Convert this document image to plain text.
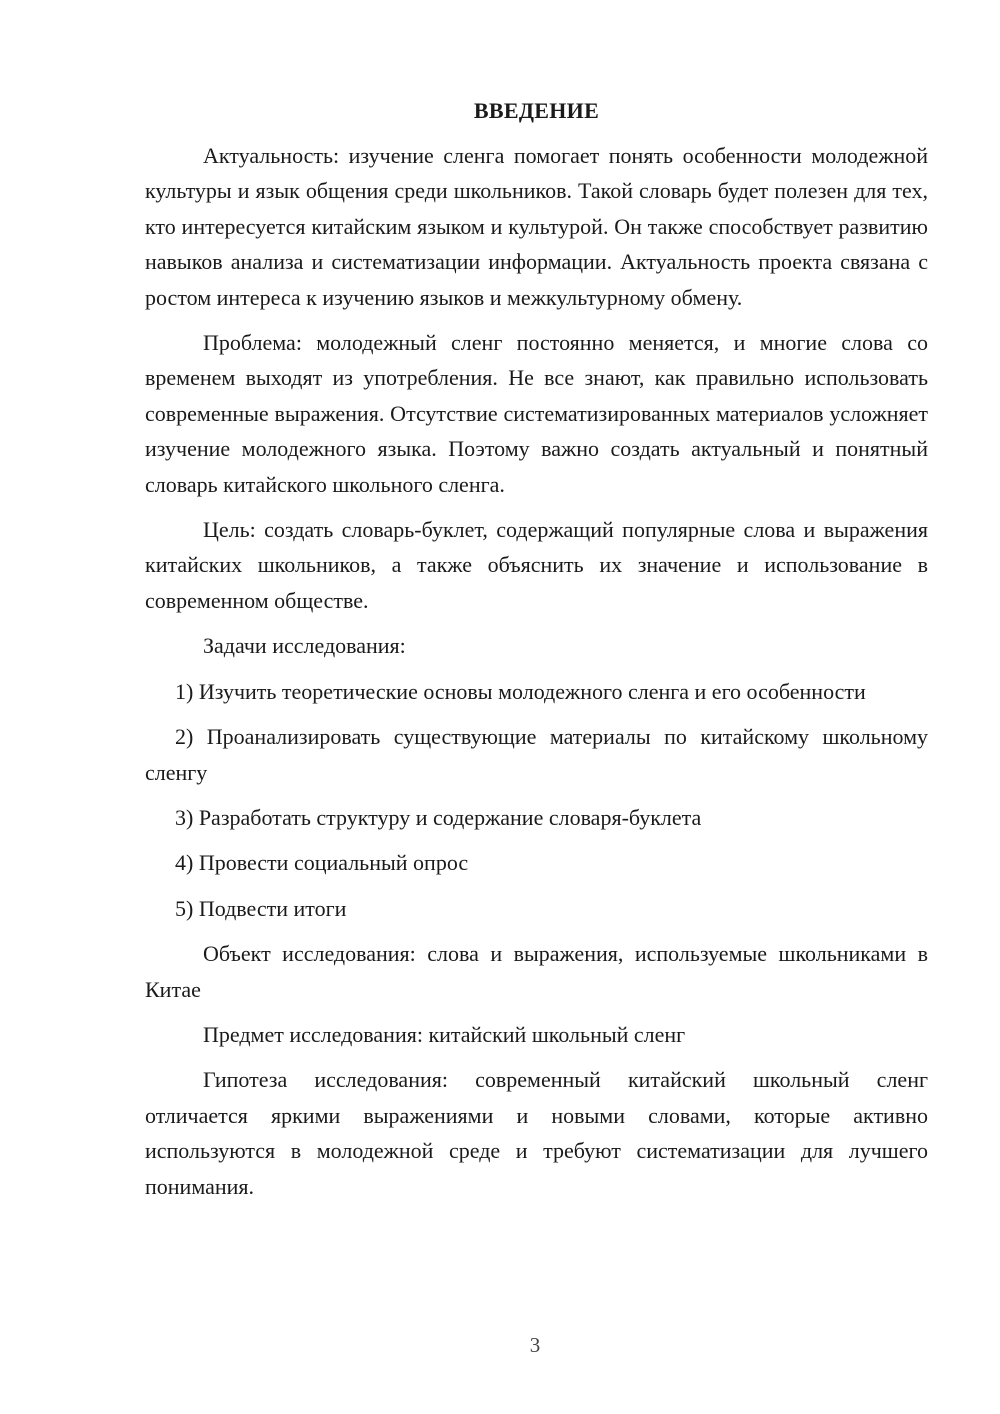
ВВЕДЕНИЕ

Актуальность: изучение сленга помогает понять особенности молодежной культуры и язык общения среди школьников. Такой словарь будет полезен для тех, кто интересуется китайским языком и культурой. Он также способствует развитию навыков анализа и систематизации информации. Актуальность проекта связана с ростом интереса к изучению языков и межкультурному обмену.

Проблема: молодежный сленг постоянно меняется, и многие слова со временем выходят из употребления. Не все знают, как правильно использовать современные выражения. Отсутствие систематизированных материалов усложняет изучение молодежного языка. Поэтому важно создать актуальный и понятный словарь китайского школьного сленга.

Цель: создать словарь-буклет, содержащий популярные слова и выражения китайских школьников, а также объяснить их значение и использование в современном обществе.

Задачи исследования:

1) Изучить теоретические основы молодежного сленга и его особенности

2) Проанализировать существующие материалы по китайскому школьному сленгу

3) Разработать структуру и содержание словаря-буклета

4) Провести социальный опрос

5) Подвести итоги

Объект исследования: слова и выражения, используемые школьниками в Китае

Предмет исследования: китайский школьный сленг

Гипотеза исследования: современный китайский школьный сленг отличается яркими выражениями и новыми словами, которые активно используются в молодежной среде и требуют систематизации для лучшего понимания.

3
